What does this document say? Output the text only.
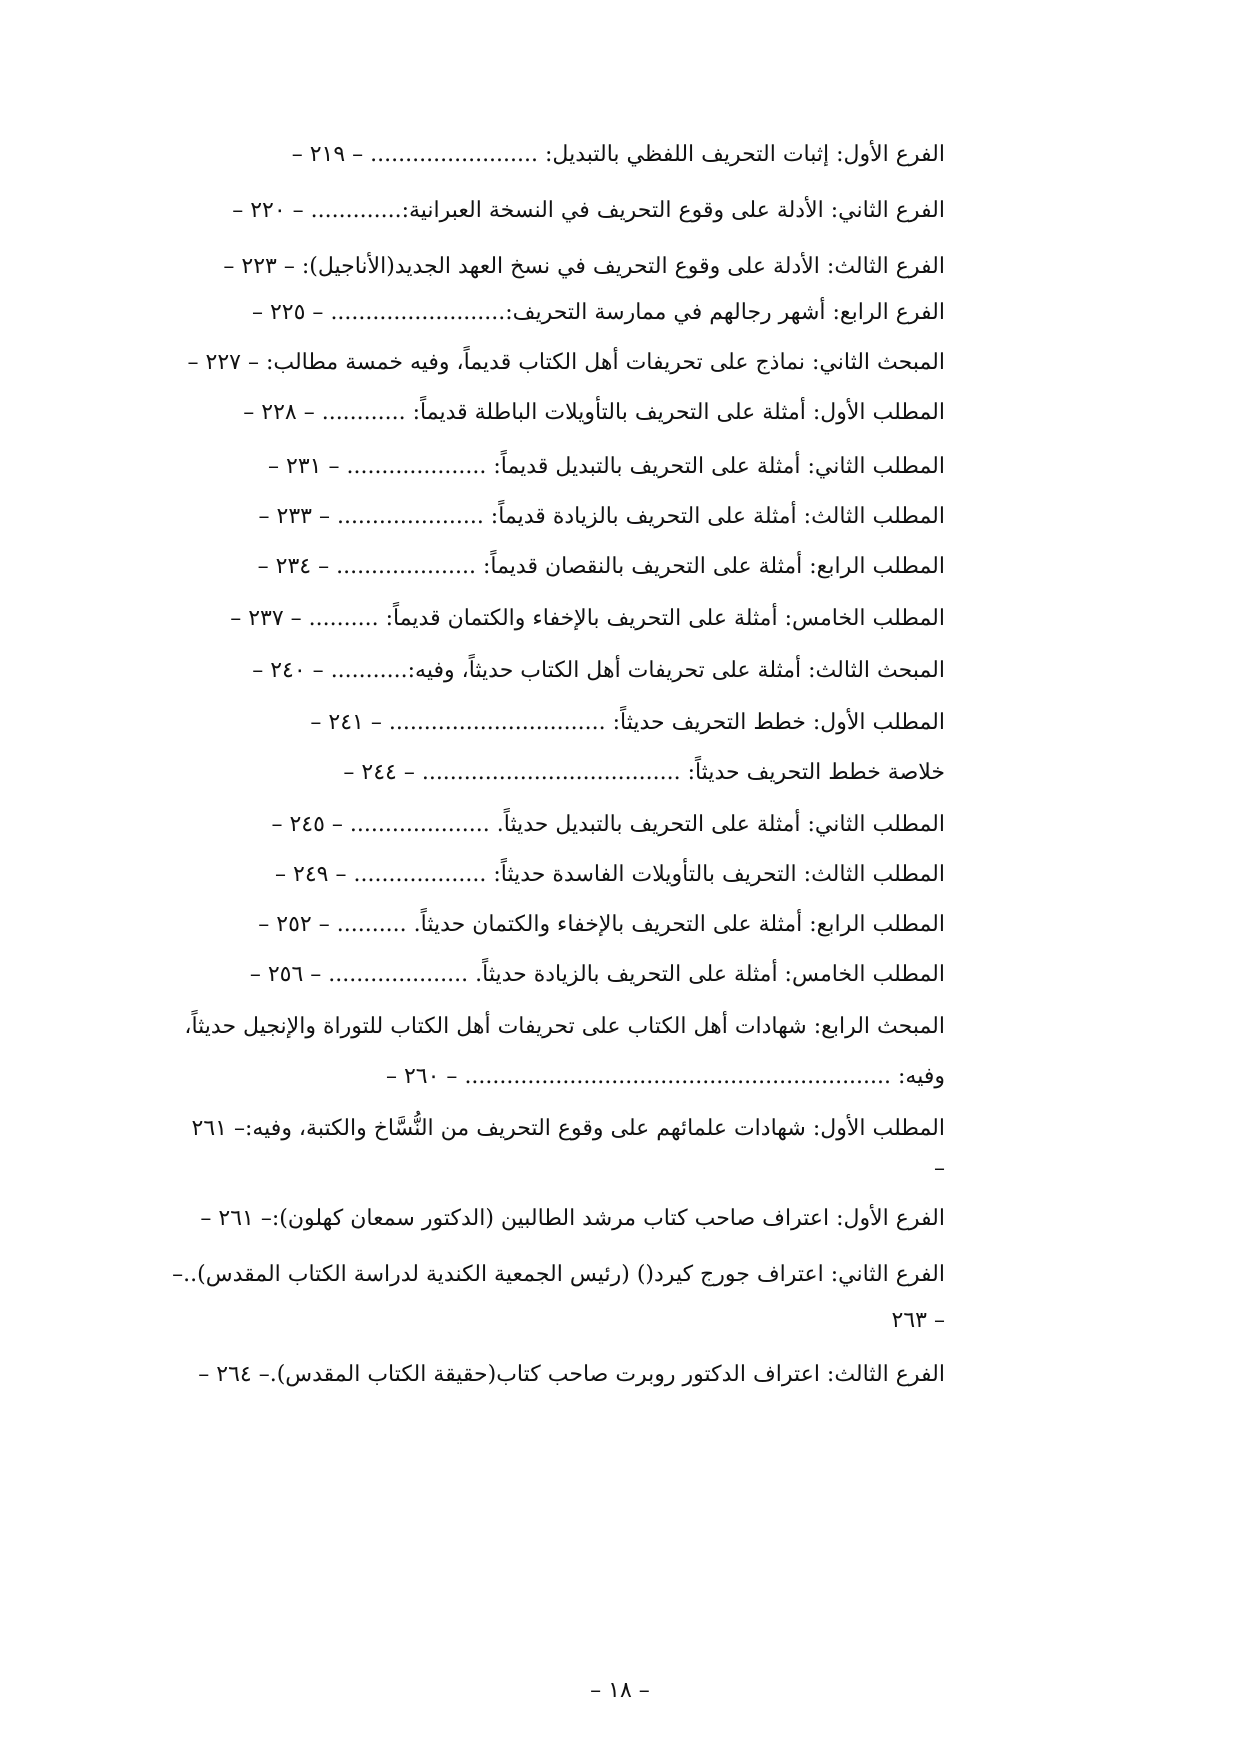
الفرع الأول: إثبات التحريف اللفظي بالتبديل: ........................ – ٢١٩ –
الفرع الثاني: الأدلة على وقوع التحريف في النسخة العبرانية:............. – ٢٢٠ –
الفرع الثالث: الأدلة على وقوع التحريف في نسخ العهد الجديد(الأناجيل): – ٢٢٣ –
الفرع الرابع: أشهر رجالهم في ممارسة التحريف:......................... – ٢٢٥ –
المبحث الثاني: نماذج على تحريفات أهل الكتاب قديماً، وفيه خمسة مطالب: – ٢٢٧ –
المطلب الأول: أمثلة على التحريف بالتأويلات الباطلة قديماً: ............ – ٢٢٨ –
المطلب الثاني: أمثلة على التحريف بالتبديل قديماً: .................... – ٢٣١ –
المطلب الثالث: أمثلة على التحريف بالزيادة قديماً: ..................... – ٢٣٣ –
المطلب الرابع: أمثلة على التحريف بالنقصان قديماً: .................... – ٢٣٤ –
المطلب الخامس: أمثلة على التحريف بالإخفاء والكتمان قديماً: .......... – ٢٣٧ –
المبحث الثالث: أمثلة على تحريفات أهل الكتاب حديثاً، وفيه:........... – ٢٤٠ –
المطلب الأول: خطط التحريف حديثاً: ............................... – ٢٤١ –
خلاصة خطط التحريف حديثاً: ..................................... – ٢٤٤ –
المطلب الثاني: أمثلة على التحريف بالتبديل حديثاً. .................... – ٢٤٥ –
المطلب الثالث: التحريف بالتأويلات الفاسدة حديثاً: ................... – ٢٤٩ –
المطلب الرابع: أمثلة على التحريف بالإخفاء والكتمان حديثاً. .......... – ٢٥٢ –
المطلب الخامس: أمثلة على التحريف بالزيادة حديثاً. .................... – ٢٥٦ –
المبحث الرابع: شهادات أهل الكتاب على تحريفات أهل الكتاب للتوراة والإنجيل حديثاً،
وفيه: ............................................................. – ٢٦٠ –
المطلب الأول: شهادات علمائهم على وقوع التحريف من النُّسَّاخ والكتبة، وفيه:– ٢٦١
–
الفرع الأول: اعتراف صاحب كتاب مرشد الطالبين (الدكتور سمعان كهلون):– ٢٦١ –
الفرع الثاني: اعتراف جورج كيرد() (رئيس الجمعية الكندية لدراسة الكتاب المقدس)..–
– ٢٦٣
الفرع الثالث: اعتراف الدكتور روبرت صاحب كتاب(حقيقة الكتاب المقدس).– ٢٦٤ –
– ١٨ –
